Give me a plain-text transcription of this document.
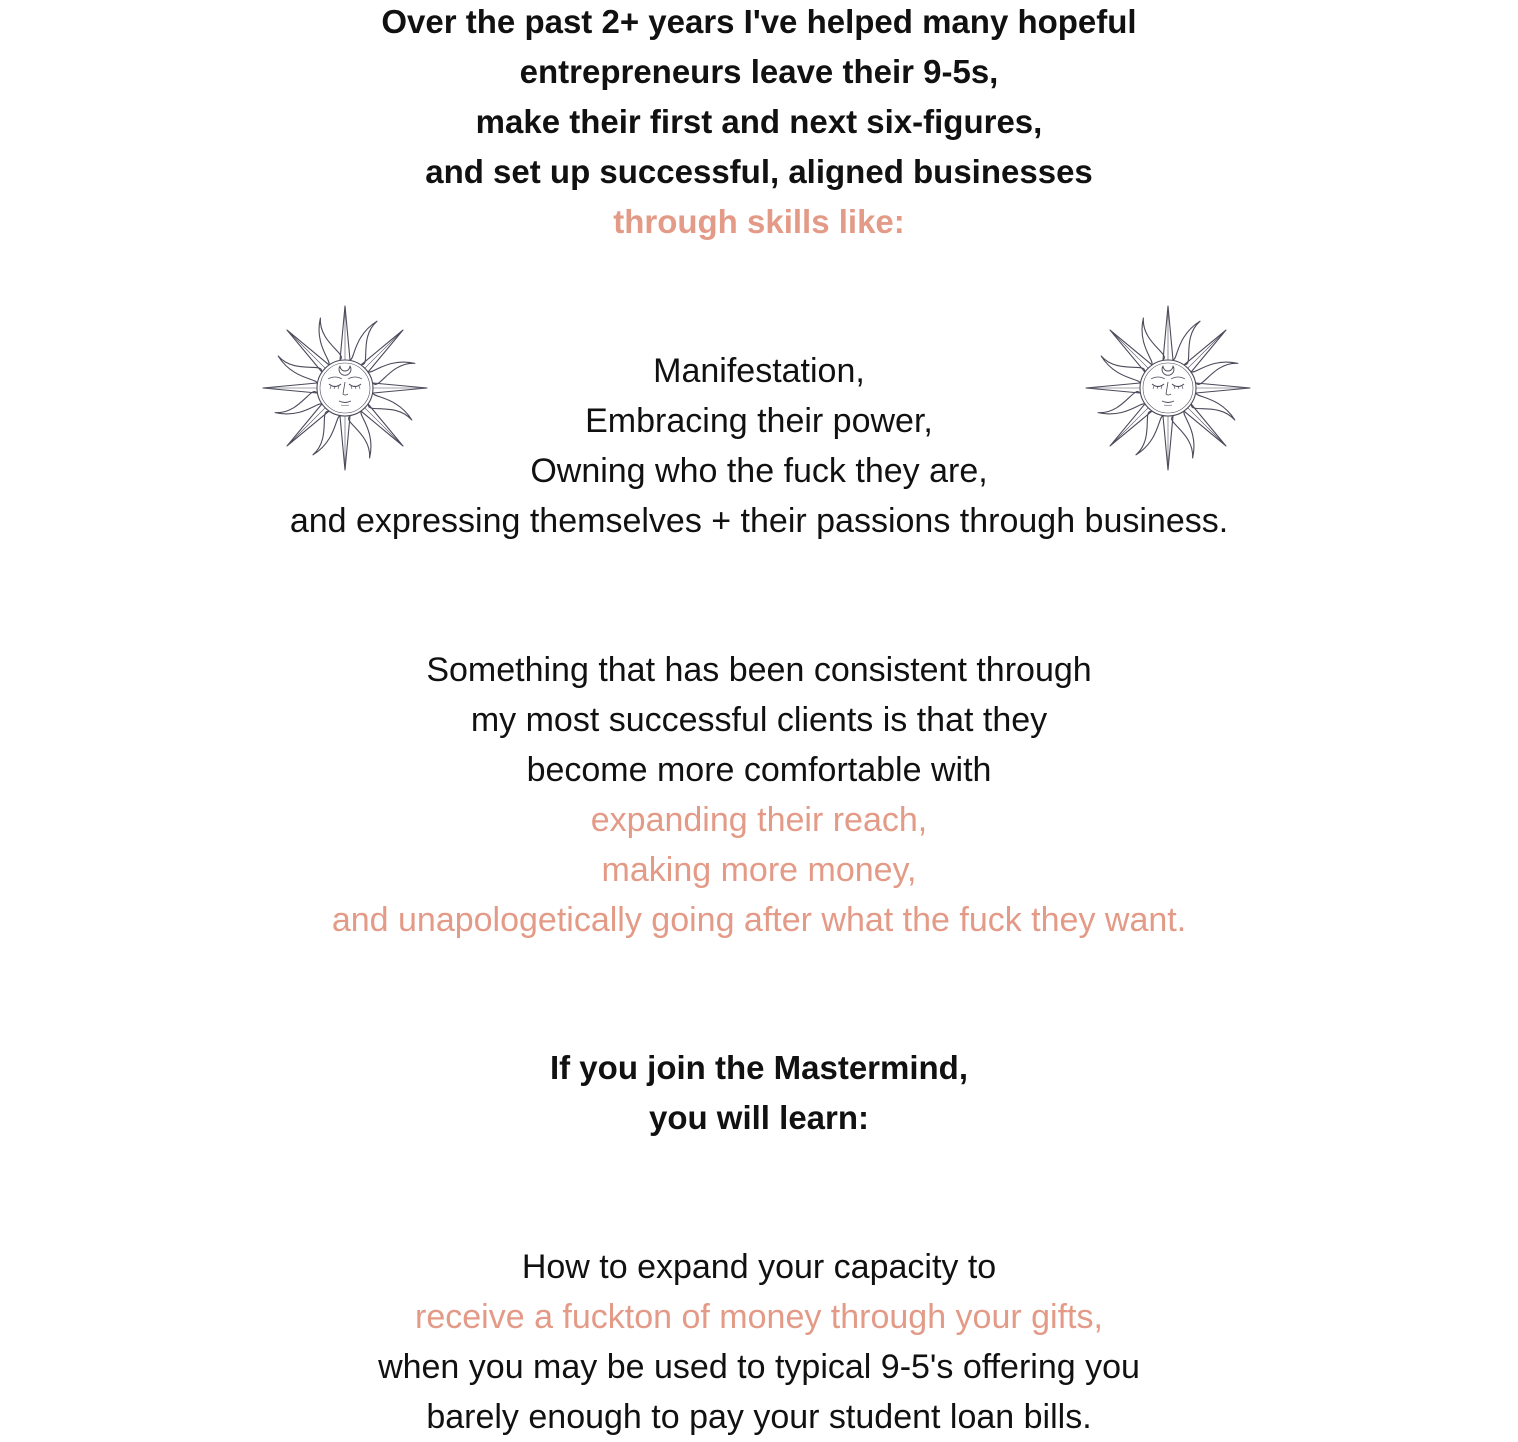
Over the past 2+ years I've helped many hopeful
entrepreneurs leave their 9-5s,
make their first and next six-figures,
and set up successful, aligned businesses
through skills like:
Manifestation,
Embracing their power,
Owning who the fuck they are,
and expressing themselves + their passions through business.
Something that has been consistent through
my most successful clients is that they
become more comfortable with
expanding their reach,
making more money,
and unapologetically going after what the fuck they want.
If you join the Mastermind,
you will learn:
How to expand your capacity to
receive a fuckton of money through your gifts,
when you may be used to typical 9-5's offering you
barely enough to pay your student loan bills.
